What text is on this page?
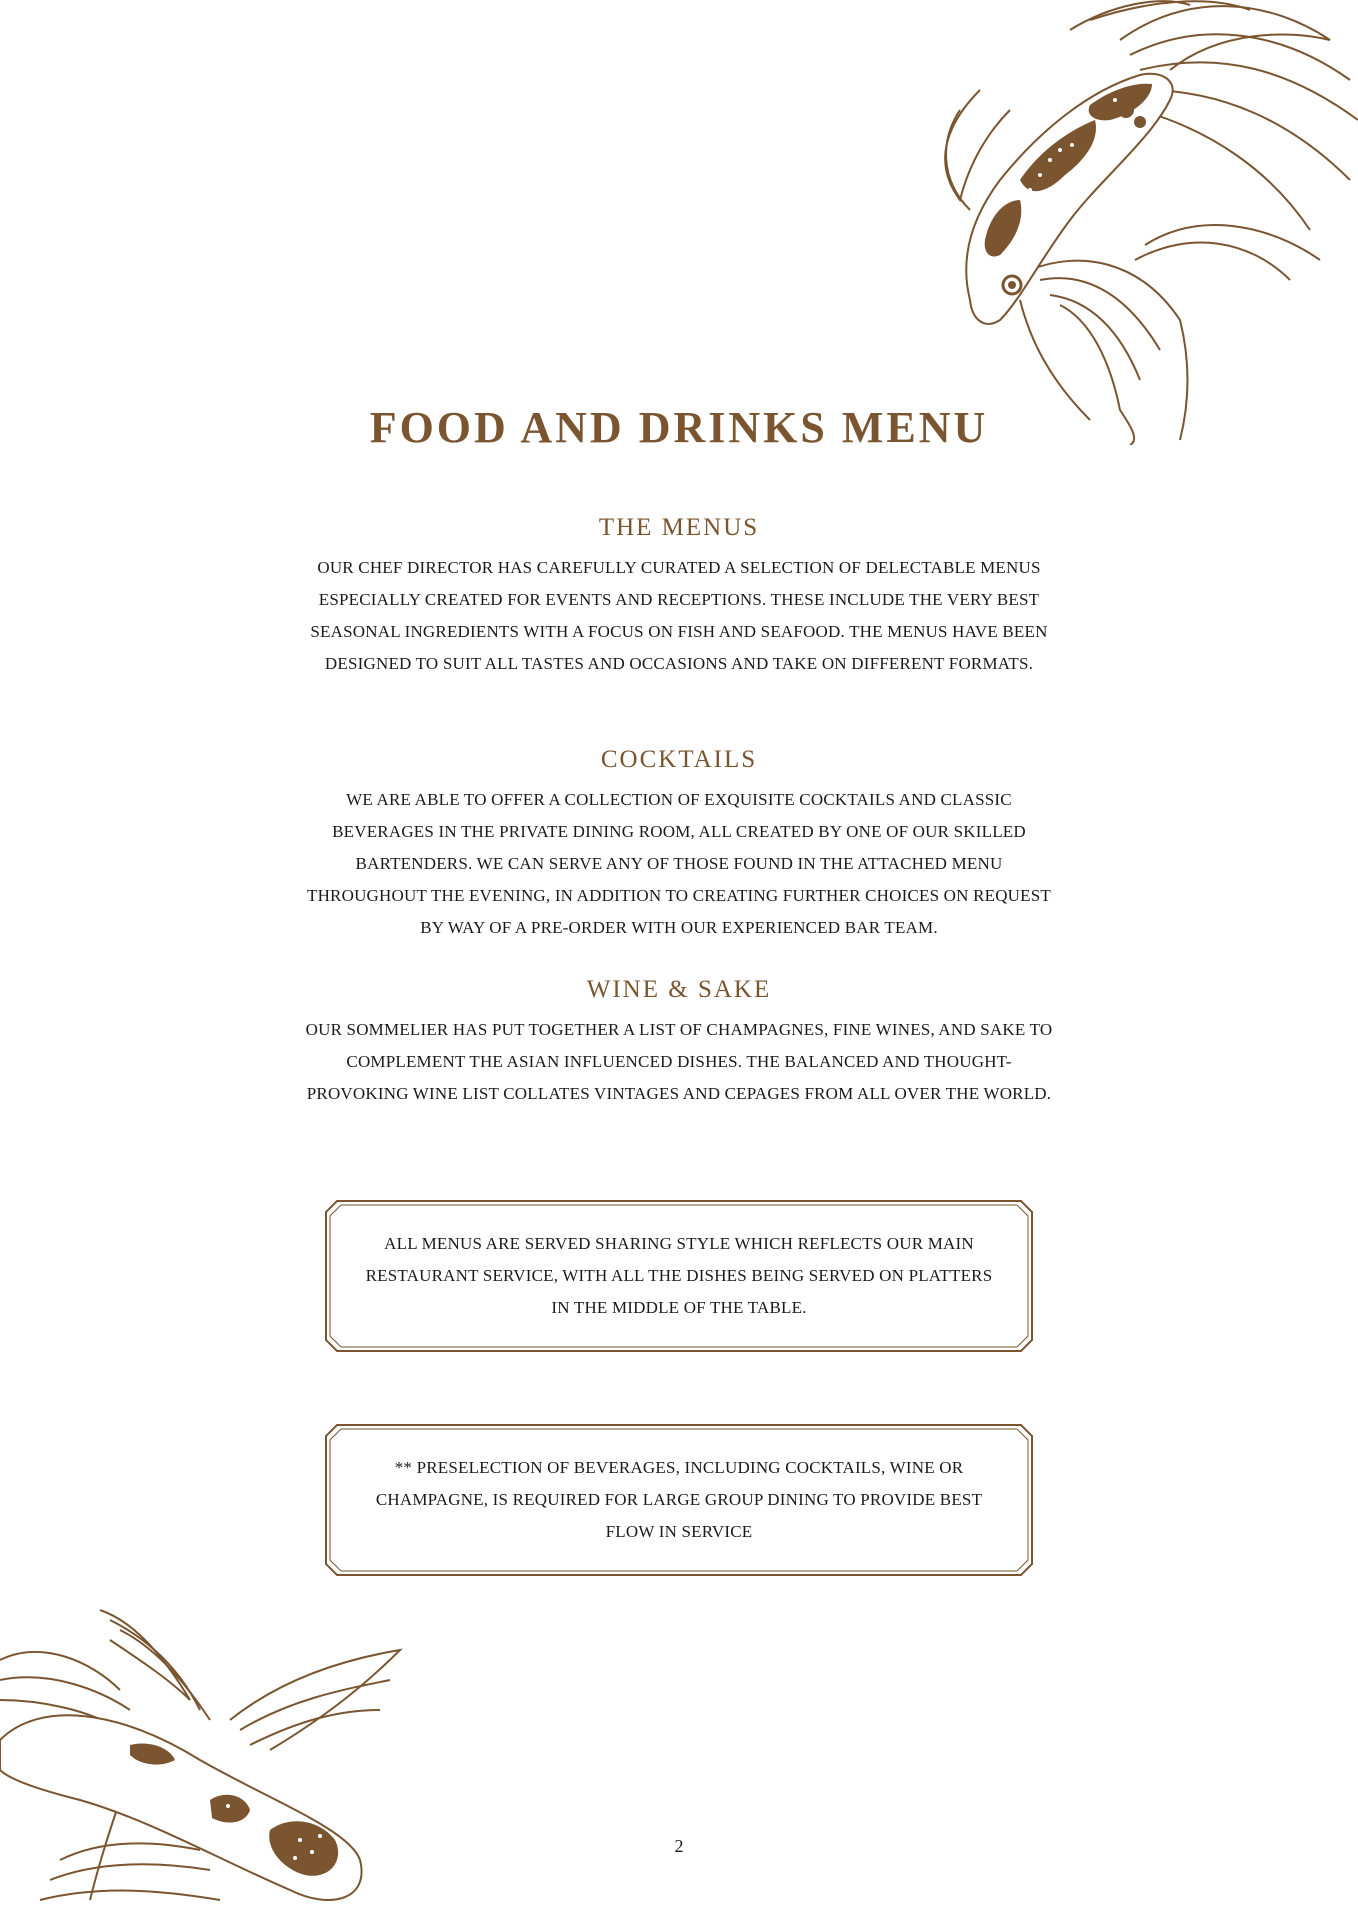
FOOD AND DRINKS MENU
THE MENUS

OUR CHEF DIRECTOR HAS CAREFULLY CURATED A SELECTION OF DELECTABLE MENUS ESPECIALLY CREATED FOR EVENTS AND RECEPTIONS. THESE INCLUDE THE VERY BEST SEASONAL INGREDIENTS WITH A FOCUS ON FISH AND SEAFOOD. THE MENUS HAVE BEEN DESIGNED TO SUIT ALL TASTES AND OCCASIONS AND TAKE ON DIFFERENT FORMATS.

COCKTAILS

WE ARE ABLE TO OFFER A COLLECTION OF EXQUISITE COCKTAILS AND CLASSIC BEVERAGES IN THE PRIVATE DINING ROOM, ALL CREATED BY ONE OF OUR SKILLED BARTENDERS. WE CAN SERVE ANY OF THOSE FOUND IN THE ATTACHED MENU THROUGHOUT THE EVENING, IN ADDITION TO CREATING FURTHER CHOICES ON REQUEST BY WAY OF A PRE-ORDER WITH OUR EXPERIENCED BAR TEAM.

WINE & SAKE

OUR SOMMELIER HAS PUT TOGETHER A LIST OF CHAMPAGNES, FINE WINES, AND SAKE TO COMPLEMENT THE ASIAN INFLUENCED DISHES. THE BALANCED AND THOUGHT-PROVOKING WINE LIST COLLATES VINTAGES AND CEPAGES FROM ALL OVER THE WORLD.

ALL MENUS ARE SERVED SHARING STYLE WHICH REFLECTS OUR MAIN RESTAURANT SERVICE, WITH ALL THE DISHES BEING SERVED ON PLATTERS IN THE MIDDLE OF THE TABLE.

** PRESELECTION OF BEVERAGES, INCLUDING COCKTAILS, WINE OR CHAMPAGNE, IS REQUIRED FOR LARGE GROUP DINING TO PROVIDE BEST FLOW IN SERVICE

2
